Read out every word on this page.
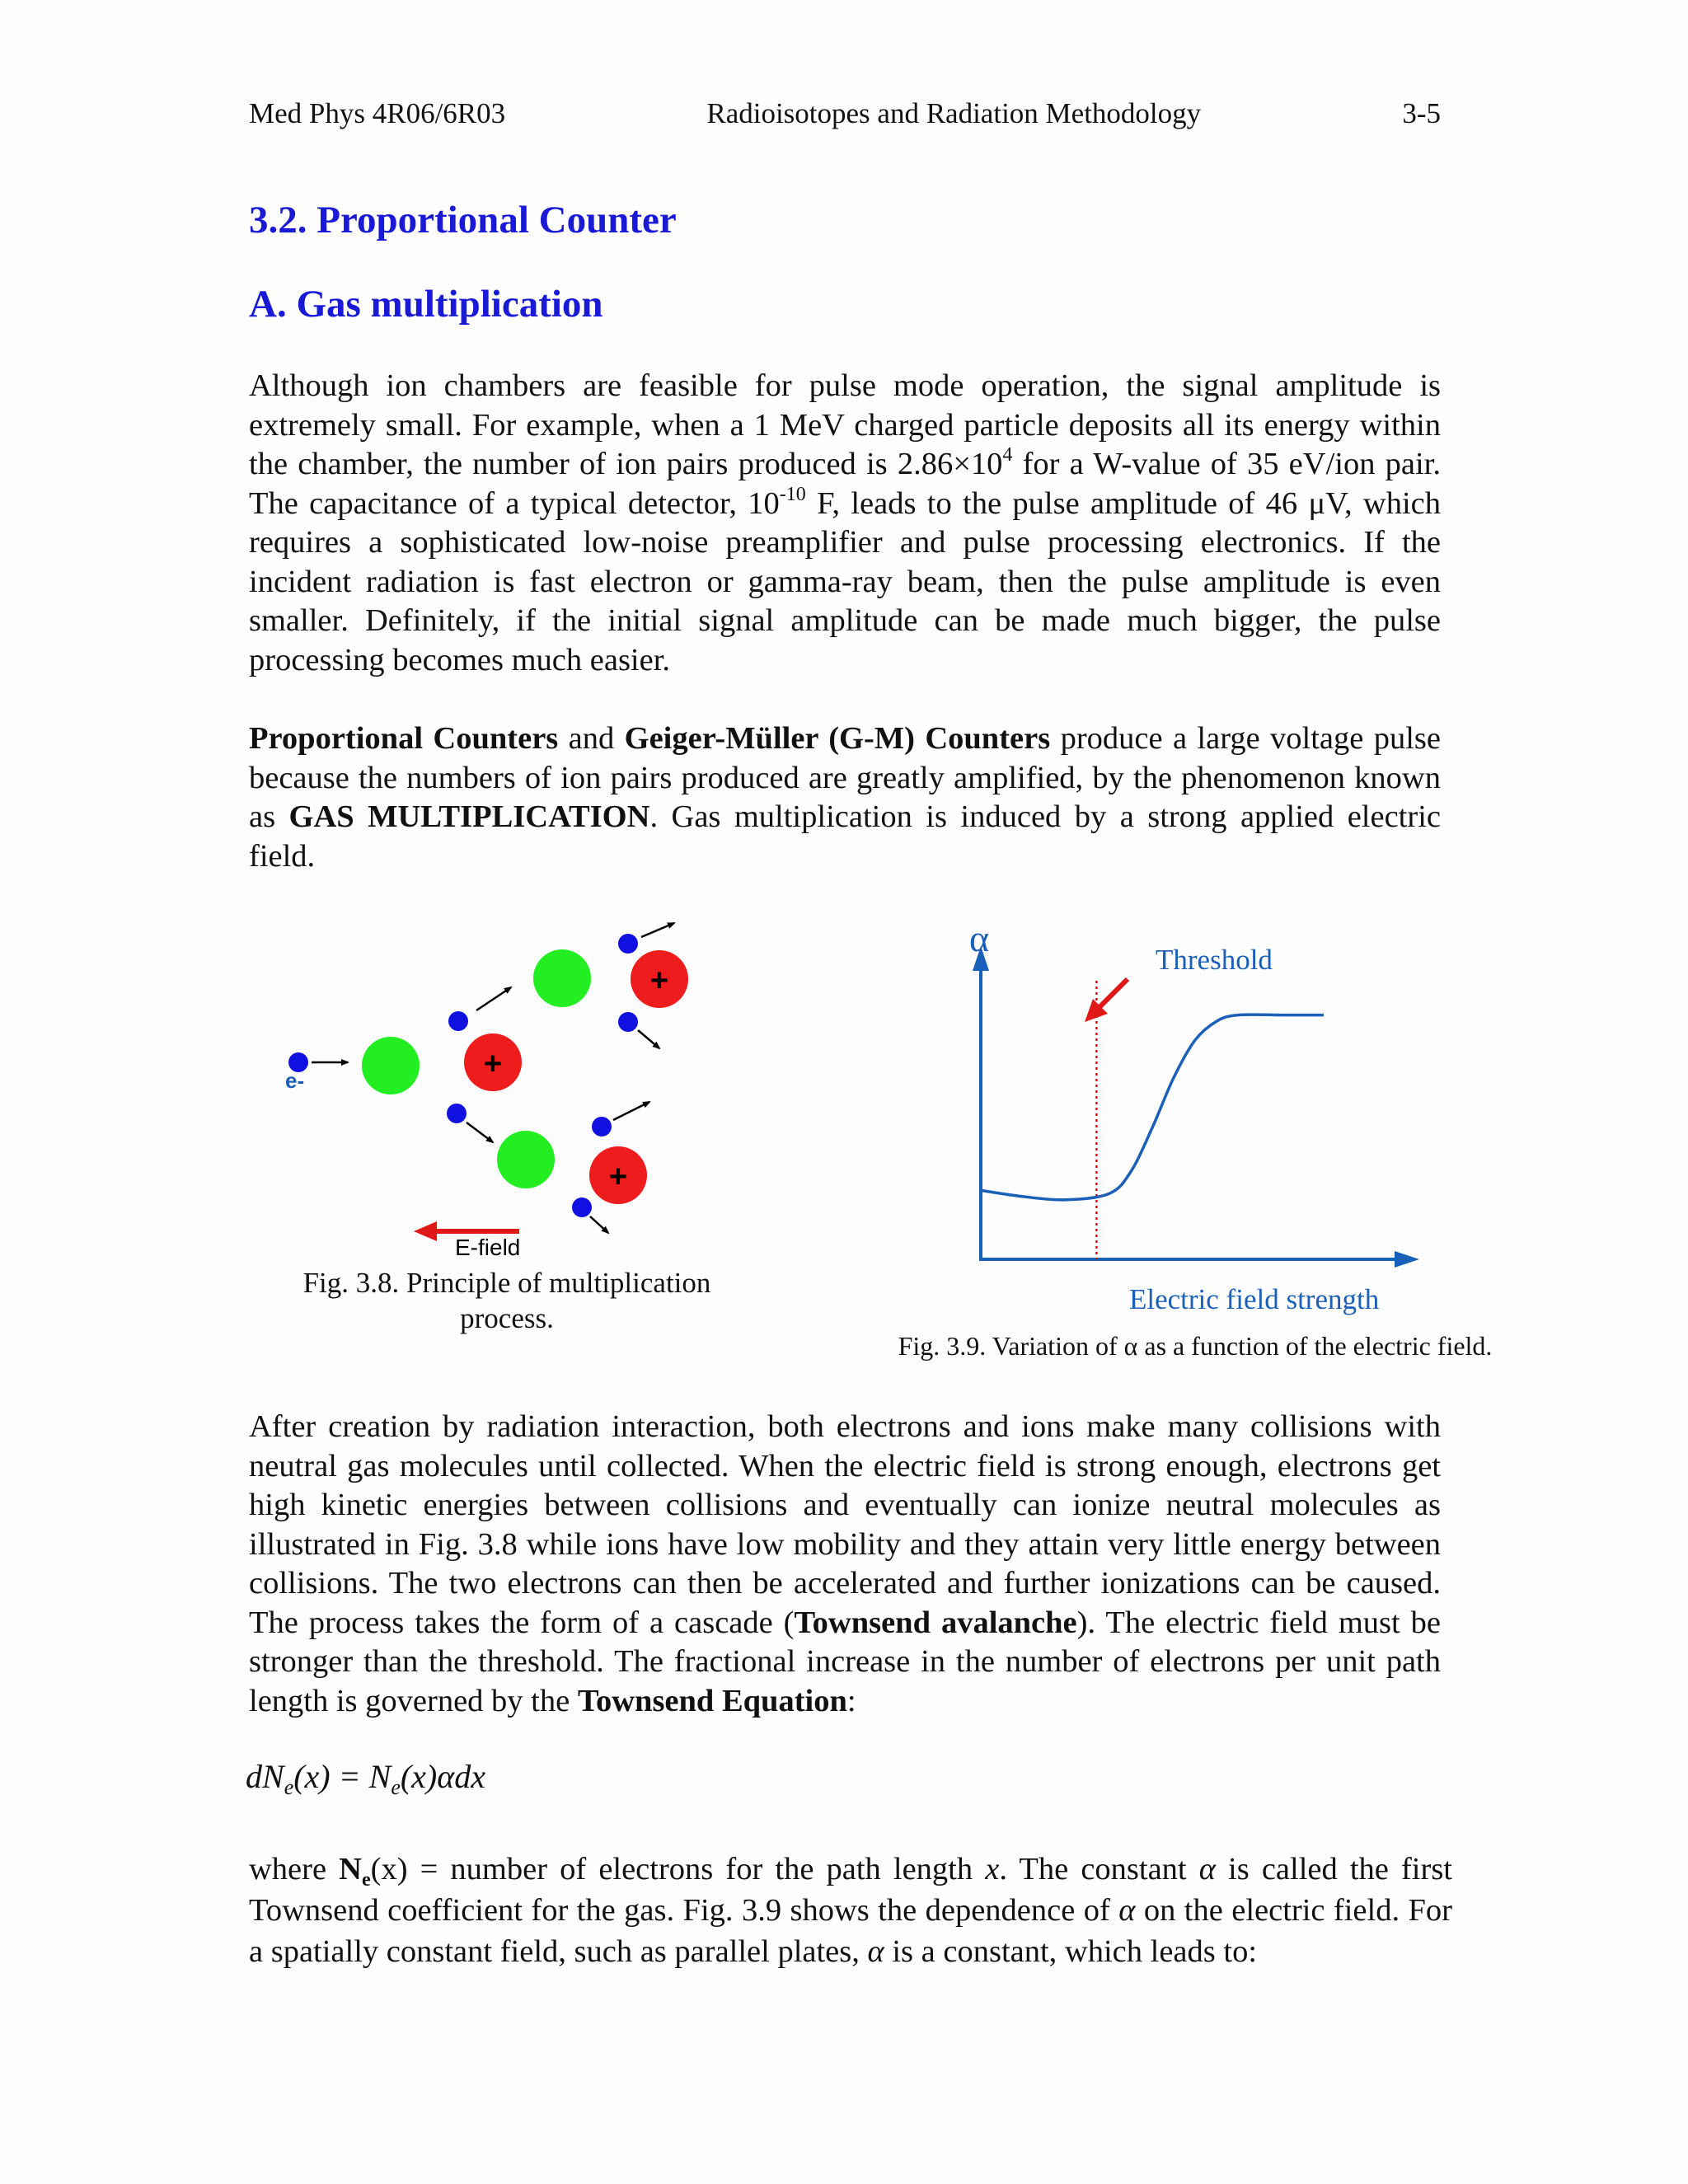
Med Phys 4R06/6R03	Radioisotopes and Radiation Methodology	3-5
3.2. Proportional Counter
A. Gas multiplication

Although ion chambers are feasible for pulse mode operation, the signal amplitude is extremely small. For example, when a 1 MeV charged particle deposits all its energy within the chamber, the number of ion pairs produced is $2.86\times 10^4$ for a W-value of 35 eV/ion pair. The capacitance of a typical detector, $10^{-10}$ F, leads to the pulse amplitude of 46 μV, which requires a sophisticated low-noise preamplifier and pulse processing electronics. If the incident radiation is fast electron or gamma-ray beam, then the pulse amplitude is even smaller. Definitely, if the initial signal amplitude can be made much bigger, the pulse processing becomes much easier.

Proportional Counters and Geiger-Müller (G-M) Counters produce a large voltage pulse because the numbers of ion pairs produced are greatly amplified, by the phenomenon known as GAS MULTIPLICATION. Gas multiplication is induced by a strong applied electric field.

+
+
+
e-
E-field
Fig. 3.8. Principle of multiplication
process.
α
Threshold
Electric field strength
Fig. 3.9. Variation of α as a function of the electric field.

After creation by radiation interaction, both electrons and ions make many collisions with neutral gas molecules until collected. When the electric field is strong enough, electrons get high kinetic energies between collisions and eventually can ionize neutral molecules as illustrated in Fig. 3.8 while ions have low mobility and they attain very little energy between collisions. The two electrons can then be accelerated and further ionizations can be caused. The process takes the form of a cascade (Townsend avalanche). The electric field must be stronger than the threshold. The fractional increase in the number of electrons per unit path length is governed by the Townsend Equation:

$dN_e(x) = N_e(x)\alpha dx$

where $N_e(x)$ = number of electrons for the path length x. The constant α is called the first Townsend coefficient for the gas. Fig. 3.9 shows the dependence of α on the electric field. For a spatially constant field, such as parallel plates, α is a constant, which leads to:
